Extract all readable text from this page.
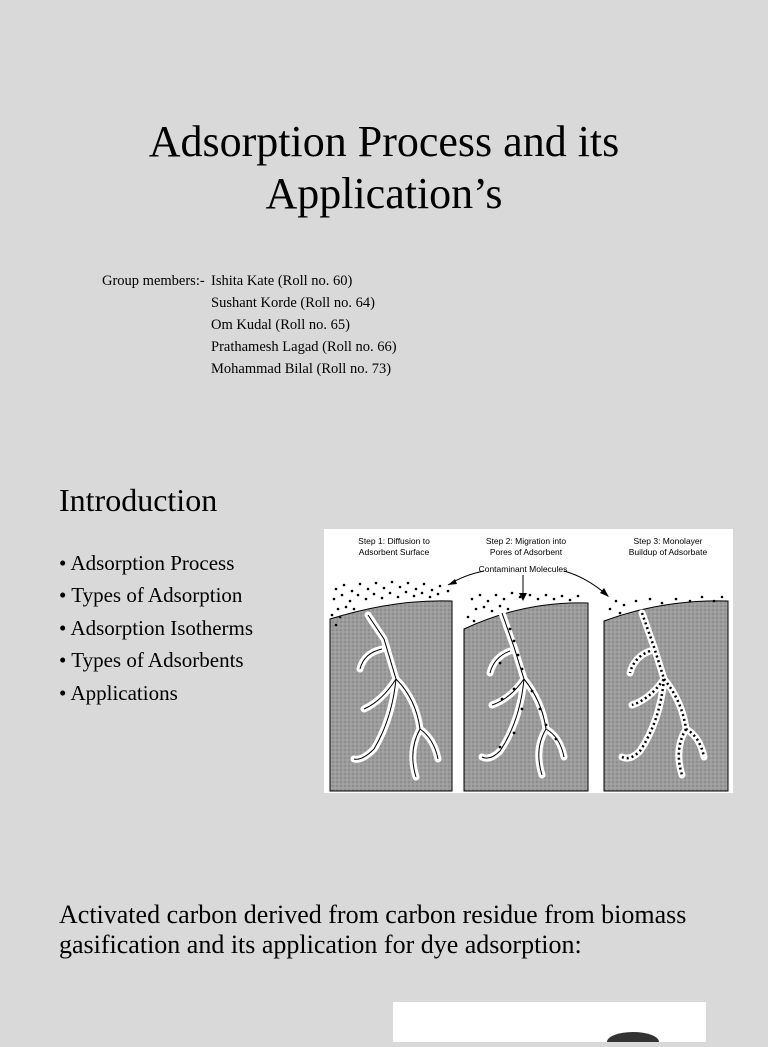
Adsorption Process and its
Application’s
Group members:- Ishita Kate (Roll no. 60)
Sushant Korde (Roll no. 64)
Om Kudal (Roll no. 65)
Prathamesh Lagad (Roll no. 66)
Mohammad Bilal (Roll no. 73)
Introduction
• Adsorption Process
• Types of Adsorption
• Adsorption Isotherms
• Types of Adsorbents
• Applications
Step 1: Diffusion to
Adsorbent Surface
Step 2: Migration into
Pores of Adsorbent
Step 3: Monolayer
Buildup of Adsorbate
Contaminant Molecules
Activated carbon derived from carbon residue from biomass gasification and its application for dye adsorption:
